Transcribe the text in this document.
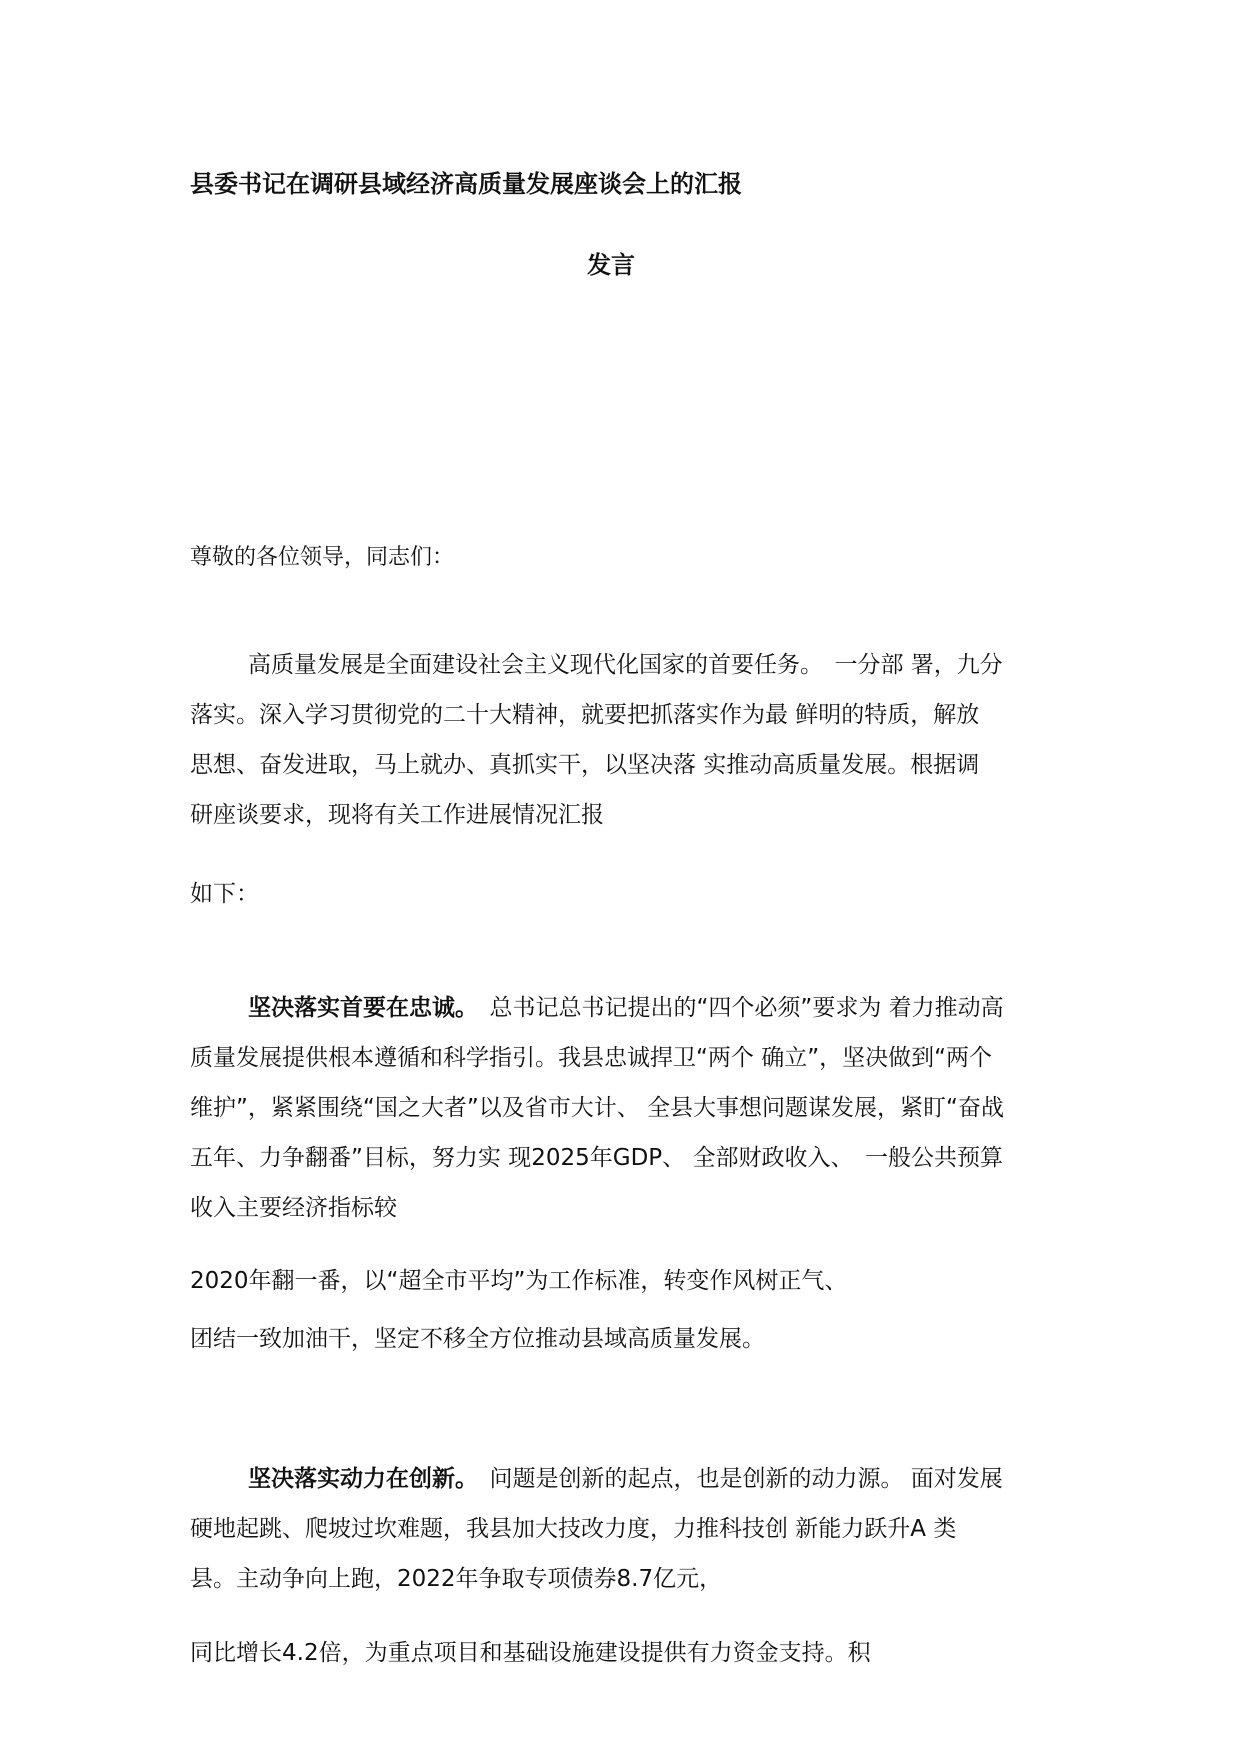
县委书记在调研县域经济高质量发展座谈会上的汇报
发言
尊敬的各位领导，同志们：
高质量发展是全面建设社会主义现代化国家的首要任务。　一分部 署，九分
落实。深入学习贯彻党的二十大精神，就要把抓落实作为最 鲜明的特质，解放
思想、奋发进取，马上就办、真抓实干，以坚决落 实推动高质量发展。根据调
研座谈要求，现将有关工作进展情况汇报
如下：
坚决落实首要在忠诚。　 总书记总书记提出的“四个必须”要求为 着力推动高
质量发展提供根本遵循和科学指引。我县忠诚捍卫“两个 确立”，坚决做到“两个
维护”，紧紧围绕“国之大者”以及省市大计、 全县大事想问题谋发展，紧盯“奋战
五年、力争翻番”目标，努力实 现2025年GDP、 全部财政收入、　一般公共预算
收入主要经济指标较
2020年翻一番，以“超全市平均”为工作标准，转变作风树正气、
团结一致加油干，坚定不移全方位推动县域高质量发展。
坚决落实动力在创新。　 问题是创新的起点，也是创新的动力源。 面对发展
硬地起跳、爬坡过坎难题，我县加大技改力度，力推科技创 新能力跃升A 类
县。主动争向上跑，2022年争取专项债券8.7亿元，
同比增长4.2倍，为重点项目和基础设施建设提供有力资金支持。积
